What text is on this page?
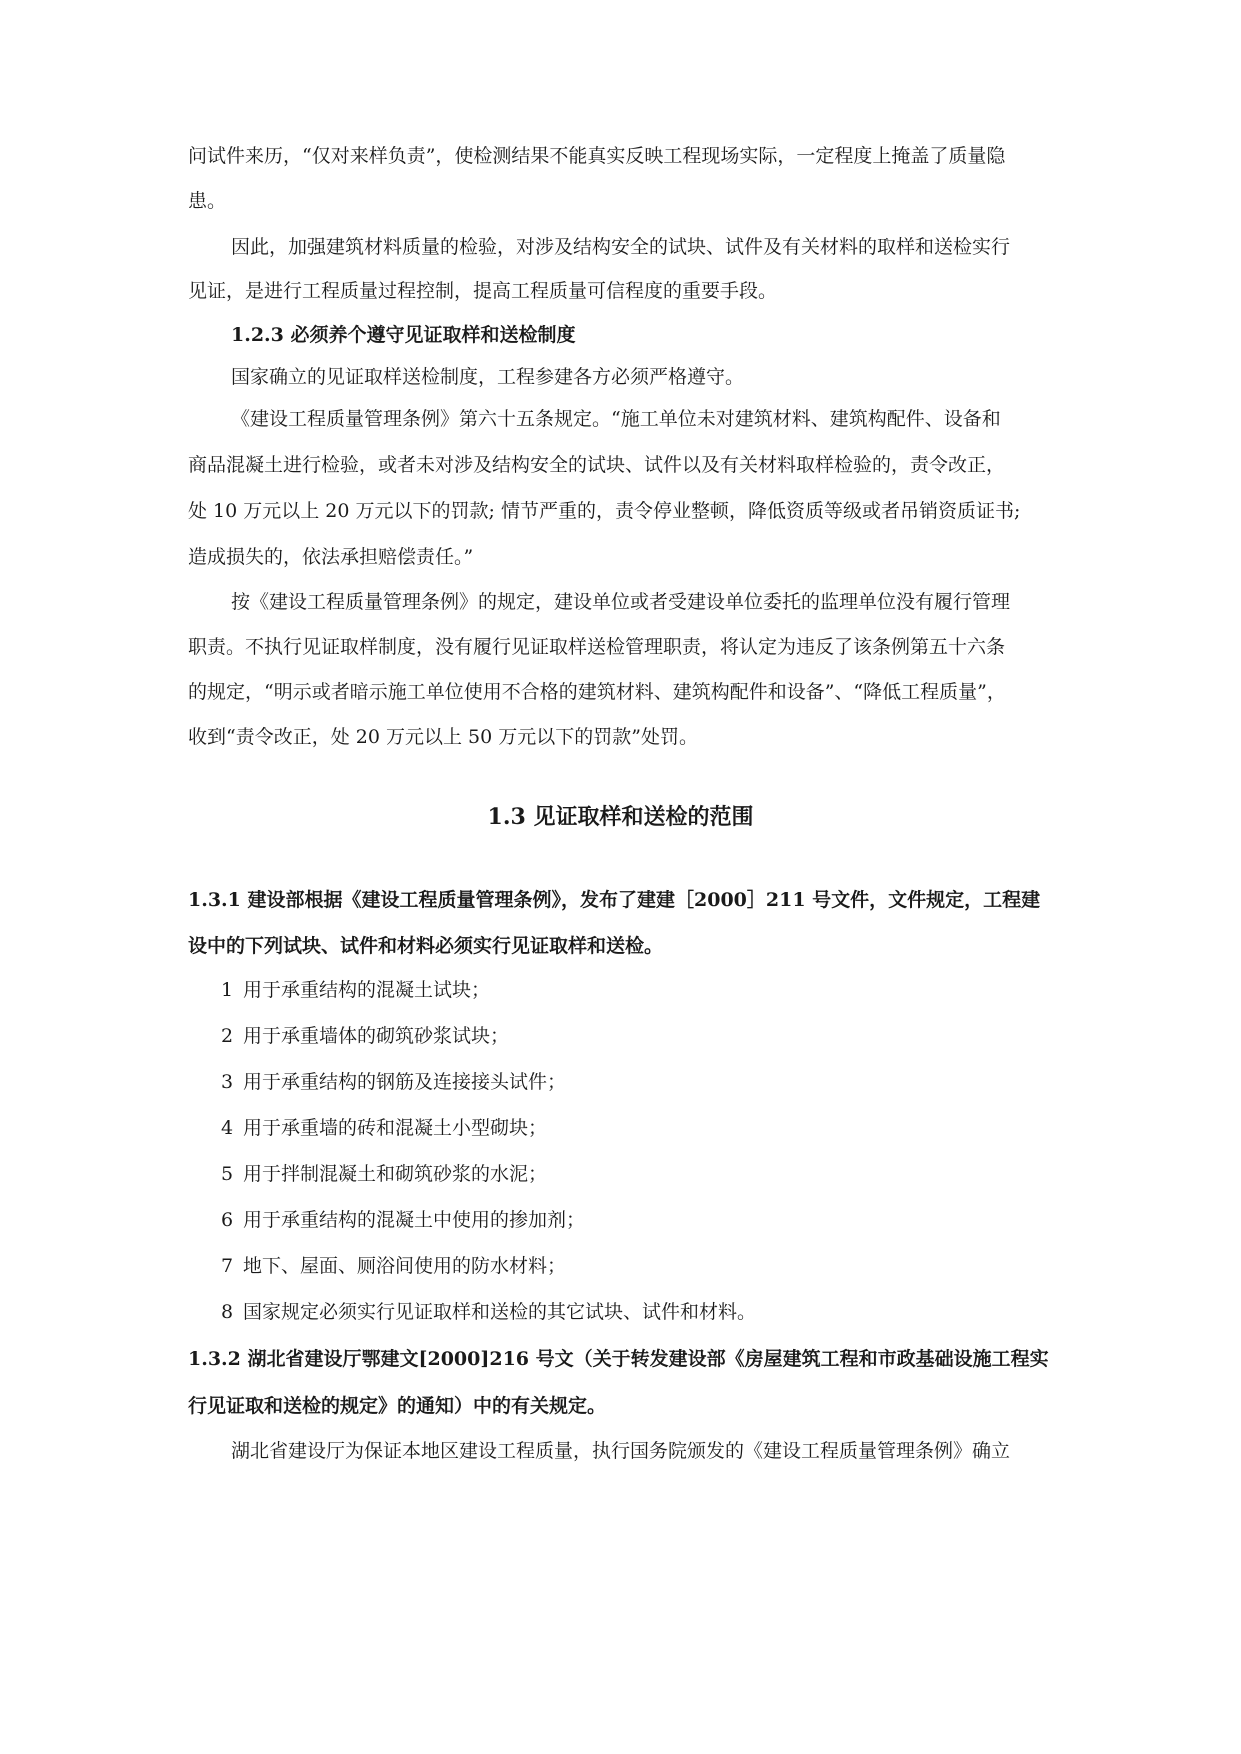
问试件来历，“仅对来样负责”，使检测结果不能真实反映工程现场实际，一定程度上掩盖了质量隐
患。
因此，加强建筑材料质量的检验，对涉及结构安全的试块、试件及有关材料的取样和送检实行
见证，是进行工程质量过程控制，提高工程质量可信程度的重要手段。
1.2.3 必须养个遵守见证取样和送检制度
国家确立的见证取样送检制度，工程参建各方必须严格遵守。
《建设工程质量管理条例》第六十五条规定。“施工单位未对建筑材料、建筑构配件、设备和
商品混凝土进行检验，或者未对涉及结构安全的试块、试件以及有关材料取样检验的，责令改正，
处 10 万元以上 20 万元以下的罚款; 情节严重的，责令停业整顿，降低资质等级或者吊销资质证书;
造成损失的，依法承担赔偿责任。”
按《建设工程质量管理条例》的规定，建设单位或者受建设单位委托的监理单位没有履行管理
职责。不执行见证取样制度，没有履行见证取样送检管理职责，将认定为违反了该条例第五十六条
的规定，“明示或者暗示施工单位使用不合格的建筑材料、建筑构配件和设备”、“降低工程质量”，
收到“责令改正，处 20 万元以上 50 万元以下的罚款”处罚。
1.3 见证取样和送检的范围
1.3.1 建设部根据《建设工程质量管理条例》，发布了建建［2000］211 号文件，文件规定，工程建
设中的下列试块、试件和材料必须实行见证取样和送检。
1 用于承重结构的混凝土试块；
2 用于承重墙体的砌筑砂浆试块；
3 用于承重结构的钢筋及连接接头试件；
4 用于承重墙的砖和混凝土小型砌块；
5 用于拌制混凝土和砌筑砂浆的水泥；
6 用于承重结构的混凝土中使用的掺加剂；
7 地下、屋面、厕浴间使用的防水材料；
8 国家规定必须实行见证取样和送检的其它试块、试件和材料。
1.3.2 湖北省建设厅鄂建文[2000]216 号文（关于转发建设部《房屋建筑工程和市政基础设施工程实
行见证取和送检的规定》的通知）中的有关规定。
湖北省建设厅为保证本地区建设工程质量，执行国务院颁发的《建设工程质量管理条例》确立
